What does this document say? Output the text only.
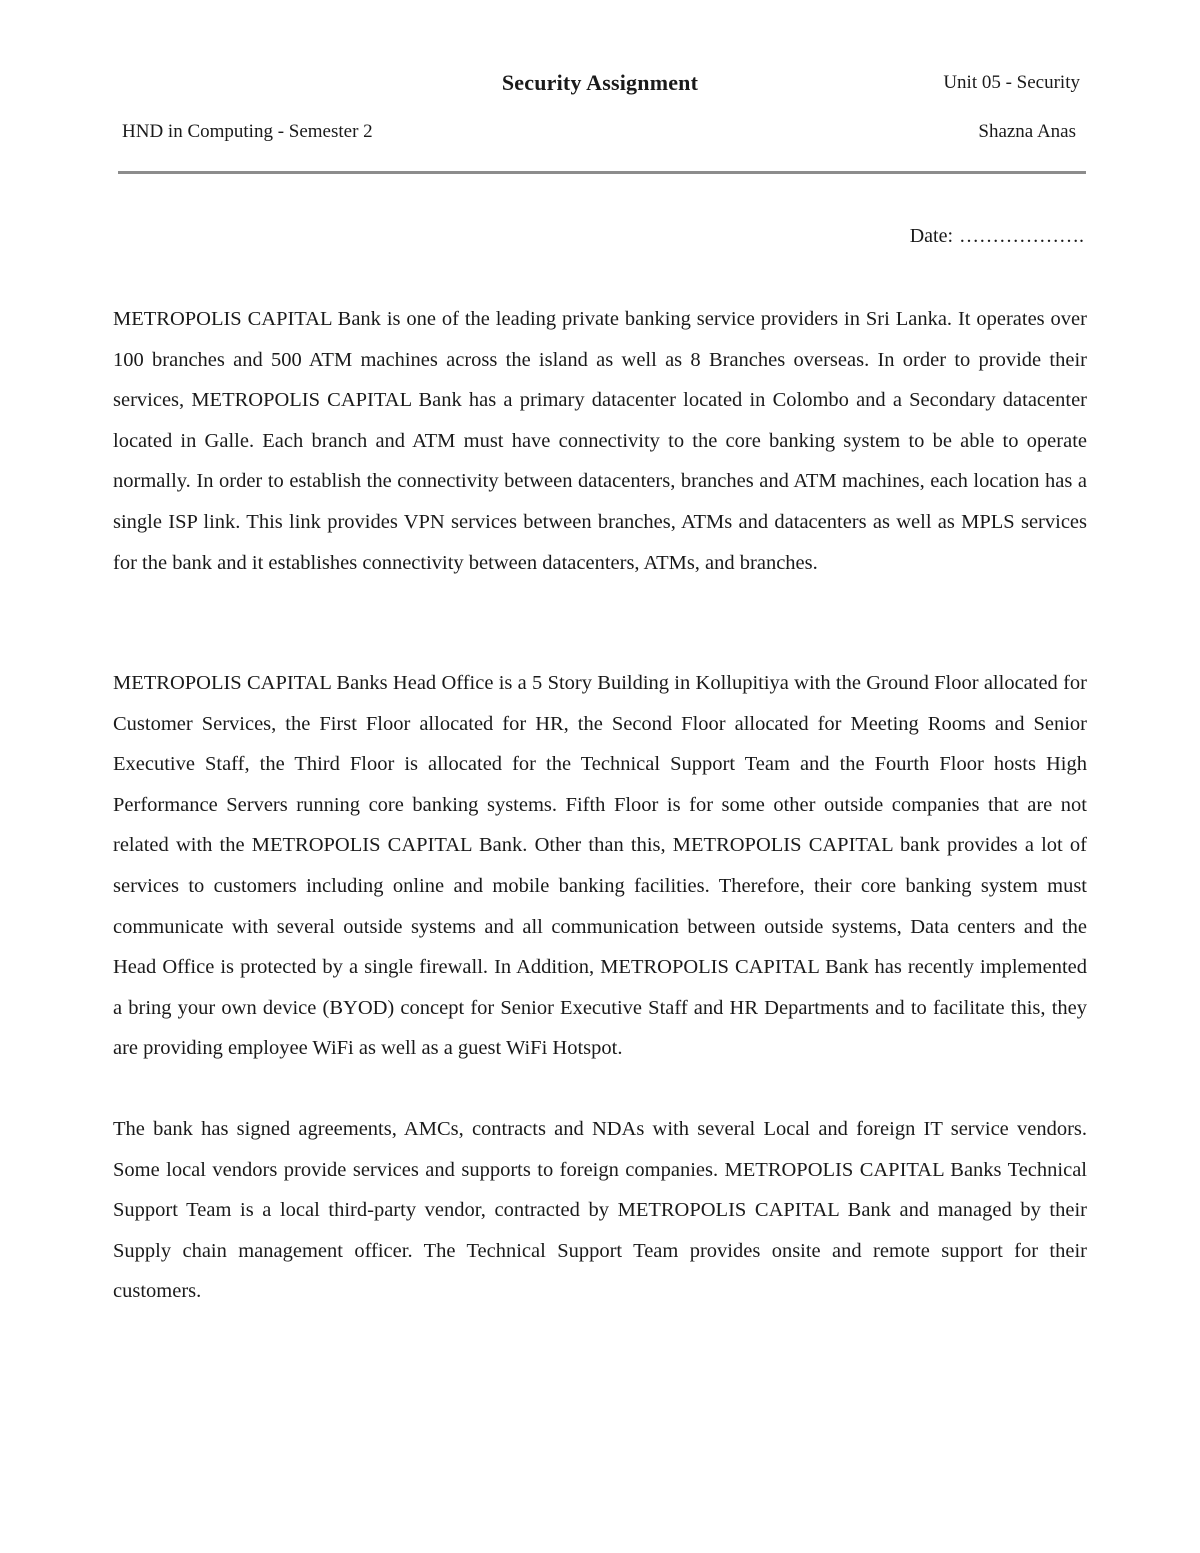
Security Assignment	Unit 05 - Security
HND in Computing - Semester 2	Shazna Anas
Date: ……………….

METROPOLIS CAPITAL Bank is one of the leading private banking service providers in Sri Lanka. It operates over 100 branches and 500 ATM machines across the island as well as 8 Branches overseas. In order to provide their services, METROPOLIS CAPITAL Bank has a primary datacenter located in Colombo and a Secondary datacenter located in Galle. Each branch and ATM must have connectivity to the core banking system to be able to operate normally. In order to establish the connectivity between datacenters, branches and ATM machines, each location has a single ISP link. This link provides VPN services between branches, ATMs and datacenters as well as MPLS services for the bank and it establishes connectivity between datacenters, ATMs, and branches.

METROPOLIS CAPITAL Banks Head Office is a 5 Story Building in Kollupitiya with the Ground Floor allocated for Customer Services, the First Floor allocated for HR, the Second Floor allocated for Meeting Rooms and Senior Executive Staff, the Third Floor is allocated for the Technical Support Team and the Fourth Floor hosts High Performance Servers running core banking systems. Fifth Floor is for some other outside companies that are not related with the METROPOLIS CAPITAL Bank. Other than this, METROPOLIS CAPITAL bank provides a lot of services to customers including online and mobile banking facilities. Therefore, their core banking system must communicate with several outside systems and all communication between outside systems, Data centers and the Head Office is protected by a single firewall. In Addition, METROPOLIS CAPITAL Bank has recently implemented a bring your own device (BYOD) concept for Senior Executive Staff and HR Departments and to facilitate this, they are providing employee WiFi as well as a guest WiFi Hotspot.

The bank has signed agreements, AMCs, contracts and NDAs with several Local and foreign IT service vendors. Some local vendors provide services and supports to foreign companies. METROPOLIS CAPITAL Banks Technical Support Team is a local third-party vendor, contracted by METROPOLIS CAPITAL Bank and managed by their Supply chain management officer. The Technical Support Team provides onsite and remote support for their customers.
